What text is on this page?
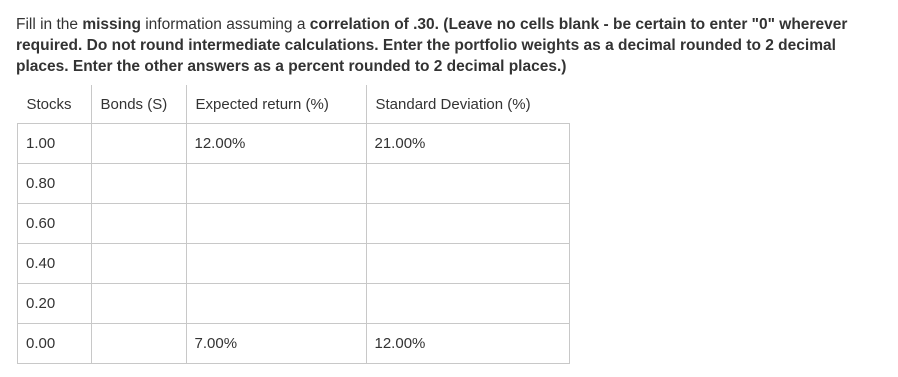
Fill in the missing information assuming a correlation of .30. (Leave no cells blank - be certain to enter "0" wherever required. Do not round intermediate calculations. Enter the portfolio weights as a decimal rounded to 2 decimal places. Enter the other answers as a percent rounded to 2 decimal places.)
Stocks	Bonds (S)	Expected return (%)	Standard Deviation (%)
1.00		12.00%	21.00%
0.80			
0.60			
0.40			
0.20			
0.00		7.00%	12.00%
